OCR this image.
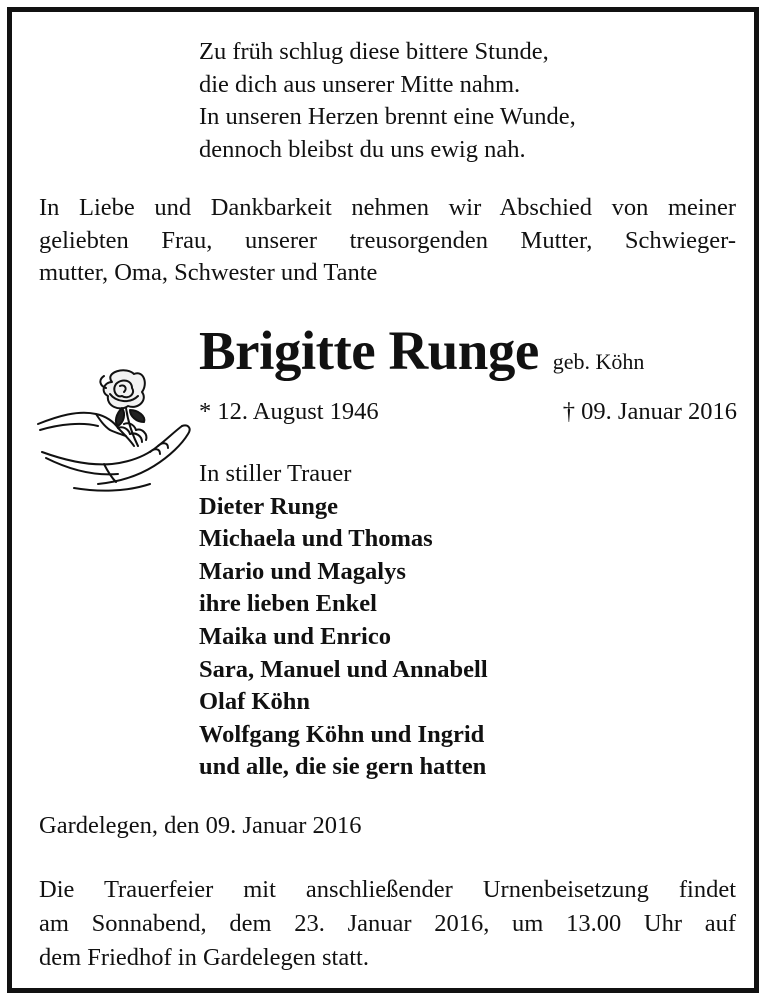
Zu früh schlug diese bittere Stunde,
die dich aus unserer Mitte nahm.
In unseren Herzen brennt eine Wunde,
dennoch bleibst du uns ewig nah.
In Liebe und Dankbarkeit nehmen wir Abschied von meiner
geliebten Frau, unserer treusorgenden Mutter, Schwieger-
mutter, Oma, Schwester und Tante
Brigitte Runge geb. Köhn
* 12. August 1946	† 09. Januar 2016
In stiller Trauer
Dieter Runge
Michaela und Thomas
Mario und Magalys
ihre lieben Enkel
Maika und Enrico
Sara, Manuel und Annabell
Olaf Köhn
Wolfgang Köhn und Ingrid
und alle, die sie gern hatten
Gardelegen, den 09. Januar 2016
Die Trauerfeier mit anschließender Urnenbeisetzung findet
am Sonnabend, dem 23. Januar 2016, um 13.00 Uhr auf
dem Friedhof in Gardelegen statt.
